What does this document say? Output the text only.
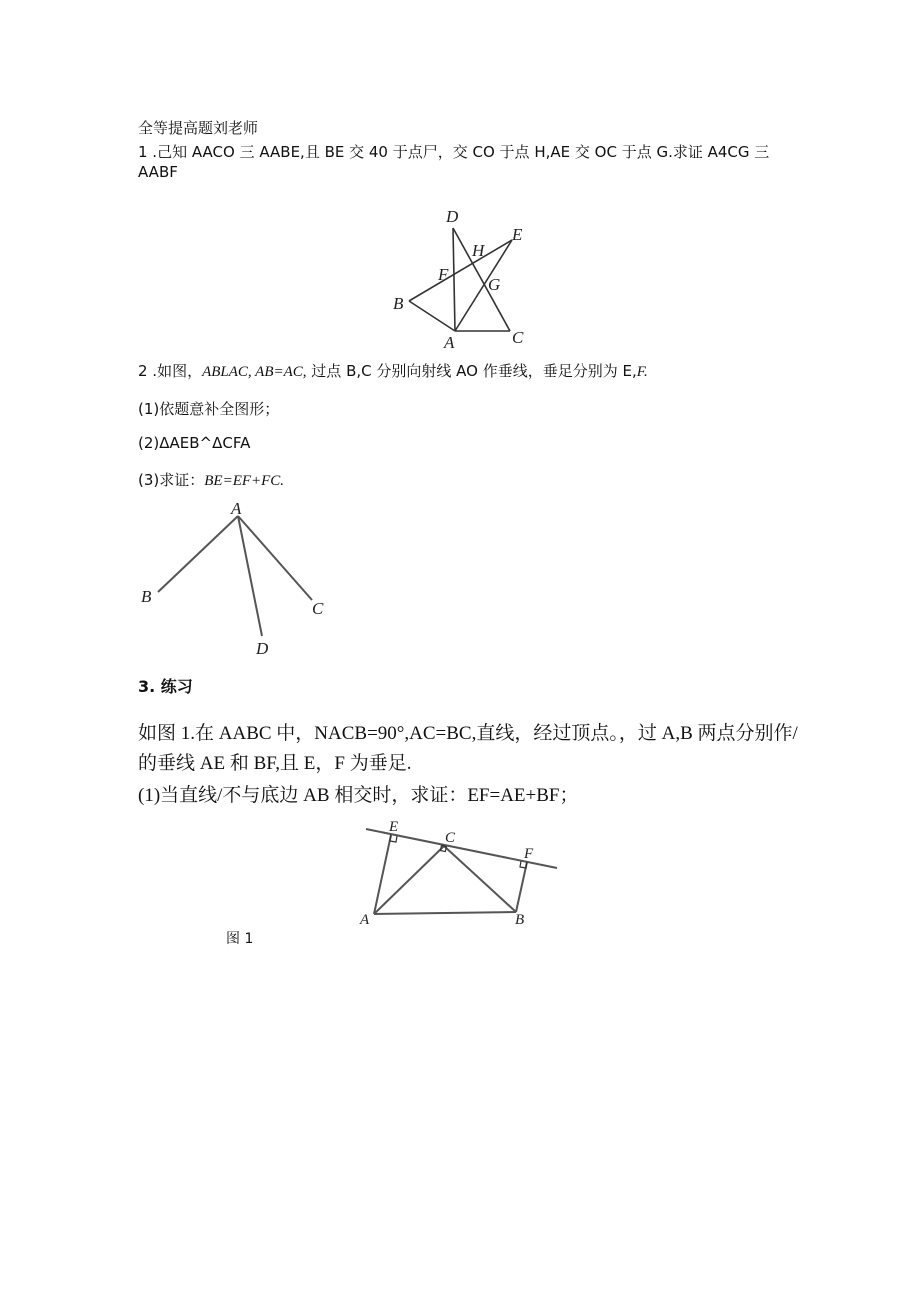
全等提高题刘老师
1 .己知 AACO 三 AABE,且 BE 交 40 于点尸，交 CO 于点 H,AE 交 OC 于点 G.求证 A4CG 三
AABF
D
H
E
F
G
B
A	C
A
B
C
D
E
C
F
A	B
2 .如图，ABLAC, AB=AC, 过点 B,C 分别向射线 AO 作垂线，垂足分别为 E,F.
(1)依题意补全图形；
(2)ΔAEB^ΔCFA
(3)求证：BE=EF+FC.
3. 练习
如图 1.在 AABC 中，NACB=90°,AC=BC,直线，经过顶点。，过 A,B 两点分别作/
的垂线 AE 和 BF,且 E，F 为垂足.
(1)当直线/不与底边 AB 相交时，求证：EF=AE+BF；
图 1
